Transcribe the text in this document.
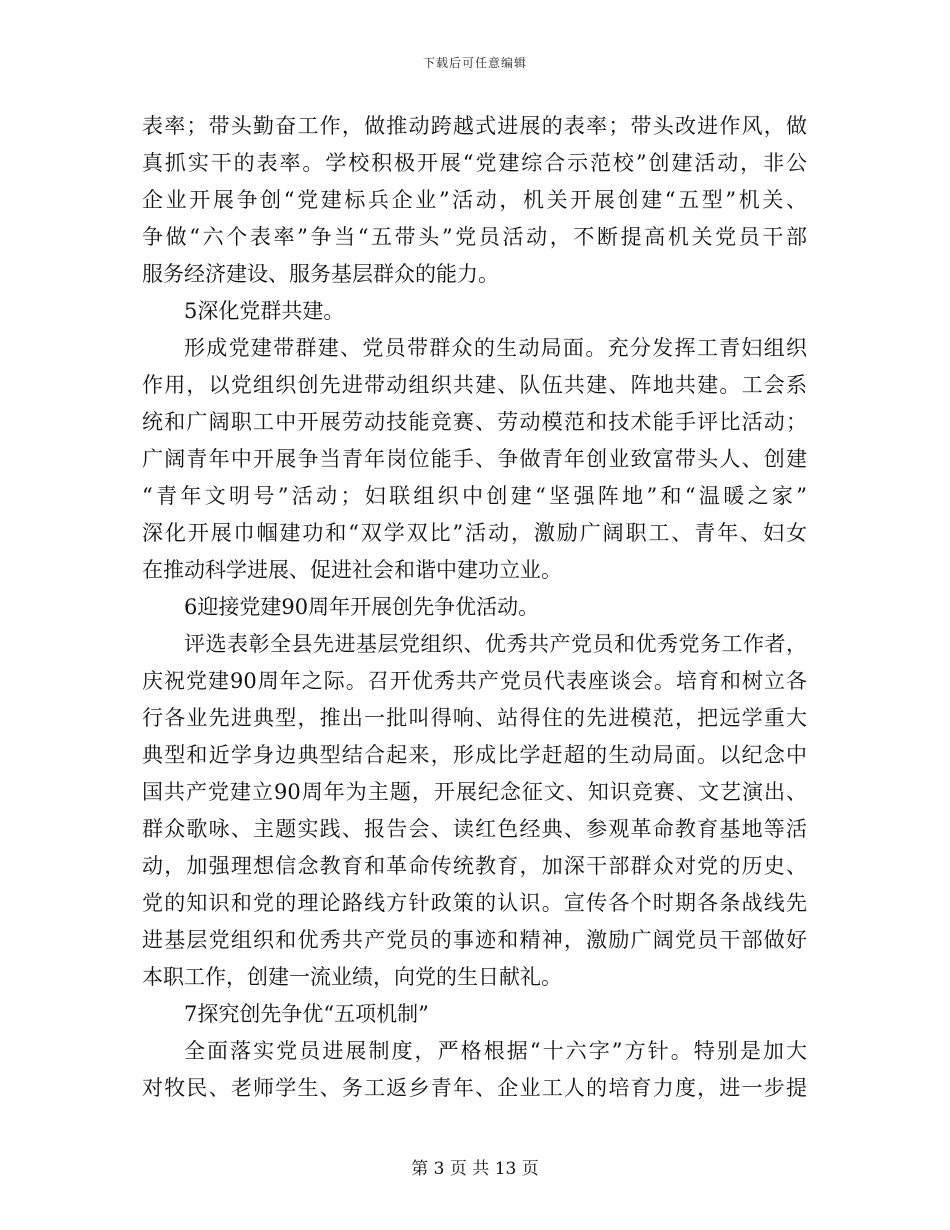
下载后可任意编辑
表率；带头勤奋工作，做推动跨越式进展的表率；带头改进作风，做
真抓实干的表率。学校积极开展“党建综合示范校”创建活动，非公
企业开展争创“党建标兵企业”活动，机关开展创建“五型”机关、
争做“六个表率”争当“五带头”党员活动，不断提高机关党员干部
服务经济建设、服务基层群众的能力。
5深化党群共建。
形成党建带群建、党员带群众的生动局面。充分发挥工青妇组织
作用，以党组织创先进带动组织共建、队伍共建、阵地共建。工会系
统和广阔职工中开展劳动技能竞赛、劳动模范和技术能手评比活动；
广阔青年中开展争当青年岗位能手、争做青年创业致富带头人、创建
“青年文明号”活动；妇联组织中创建“坚强阵地”和“温暖之家”
深化开展巾帼建功和“双学双比”活动，激励广阔职工、青年、妇女
在推动科学进展、促进社会和谐中建功立业。
6迎接党建90周年开展创先争优活动。
评选表彰全县先进基层党组织、优秀共产党员和优秀党务工作者，
庆祝党建90周年之际。召开优秀共产党员代表座谈会。培育和树立各
行各业先进典型，推出一批叫得响、站得住的先进模范，把远学重大
典型和近学身边典型结合起来，形成比学赶超的生动局面。以纪念中
国共产党建立90周年为主题，开展纪念征文、知识竞赛、文艺演出、
群众歌咏、主题实践、报告会、读红色经典、参观革命教育基地等活
动，加强理想信念教育和革命传统教育，加深干部群众对党的历史、
党的知识和党的理论路线方针政策的认识。宣传各个时期各条战线先
进基层党组织和优秀共产党员的事迹和精神，激励广阔党员干部做好
本职工作，创建一流业绩，向党的生日献礼。
7探究创先争优“五项机制”
全面落实党员进展制度，严格根据“十六字”方针。特别是加大
对牧民、老师学生、务工返乡青年、企业工人的培育力度，进一步提
第 3 页 共 13 页
